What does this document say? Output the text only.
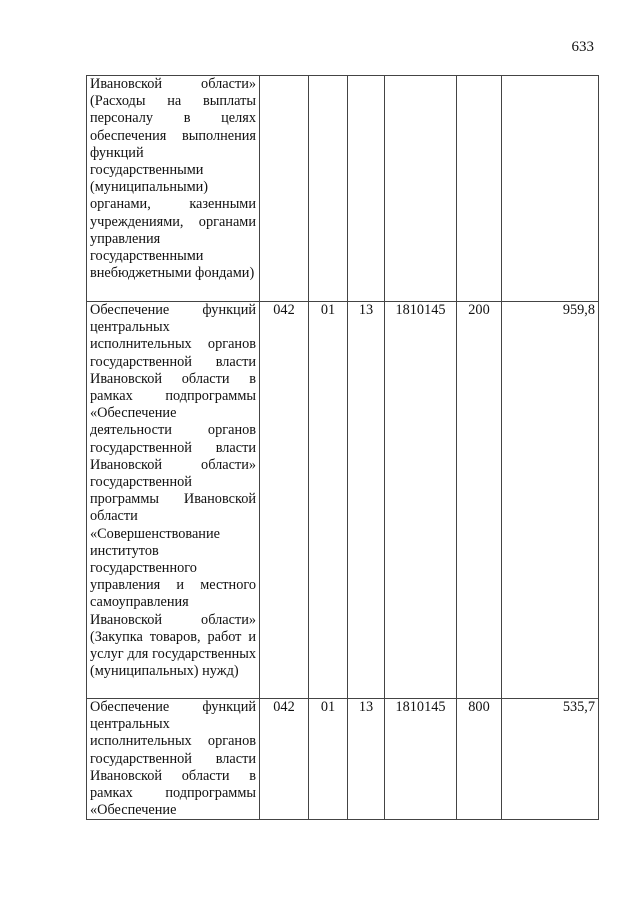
633
Ивановской области» (Расходы на выплаты персоналу в целях обеспечения выполнения функций государственными (муниципальными) органами, казенными учреждениями, органами управления государственными внебюджетными фондами)						
Обеспечение функций центральных исполнительных органов государственной власти Ивановской области в рамках подпрограммы «Обеспечение деятельности органов государственной власти Ивановской области» государственной программы Ивановской области «Совершенствование институтов государственного управления и местного самоуправления Ивановской области» (Закупка товаров, работ и услуг для государственных (муниципальных) нужд)	042	01	13	1810145	200	959,8
Обеспечение функций центральных исполнительных органов государственной власти Ивановской области в рамках подпрограммы «Обеспечение	042	01	13	1810145	800	535,7
